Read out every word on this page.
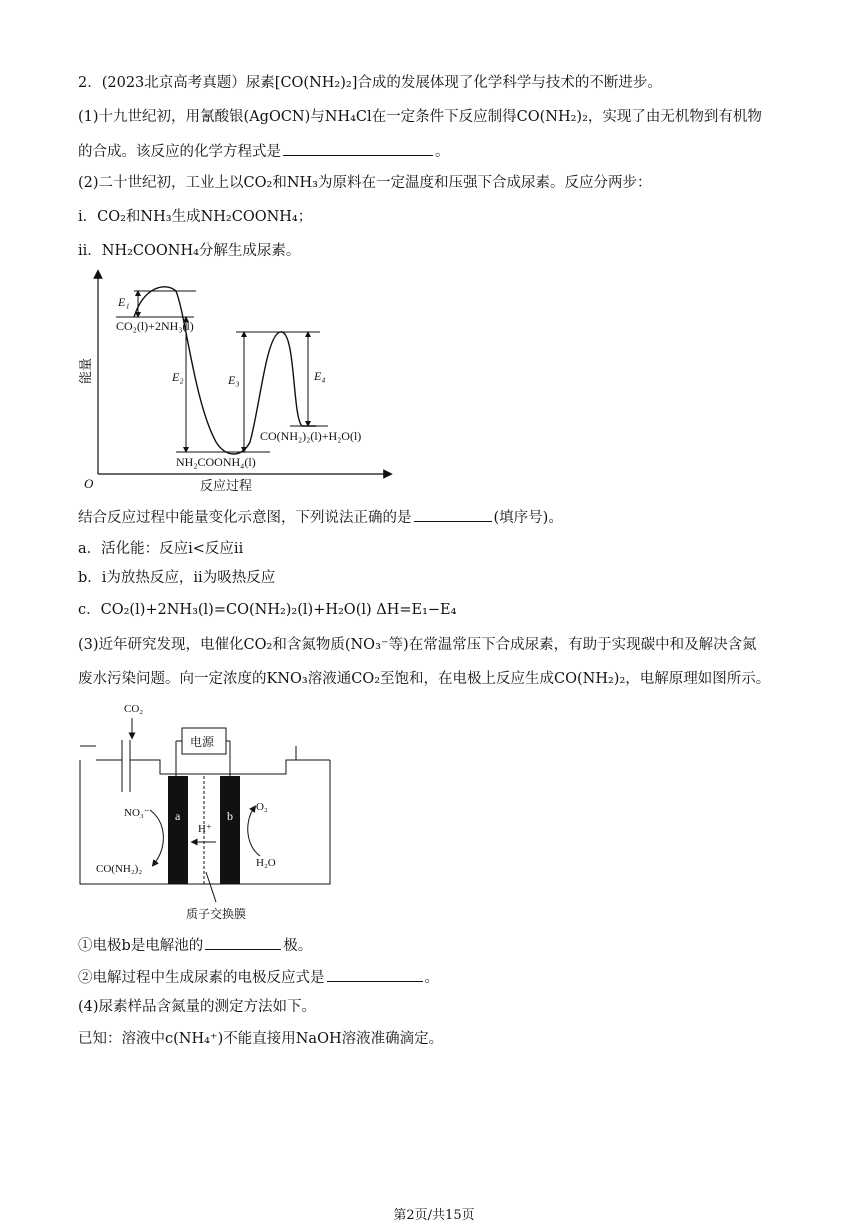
2．(2023北京高考真题）尿素[CO(NH₂)₂]合成的发展体现了化学科学与技术的不断进步。
(1)十九世纪初，用氰酸银(AgOCN)与NH₄Cl在一定条件下反应制得CO(NH₂)₂，实现了由无机物到有机物
的合成。该反应的化学方程式是	。
(2)二十世纪初，工业上以CO₂和NH₃为原料在一定温度和压强下合成尿素。反应分两步：
i．CO₂和NH₃生成NH₂COONH₄；
ii．NH₂COONH₄分解生成尿素。
O
能量
反应过程
E₁
E₂	E₃	E₄
CO₂(l)+2NH₃(l)
NH₂COONH₄(l)
CO(NH₂)₂(l)+H₂O(l)
结合反应过程中能量变化示意图，下列说法正确的是	(填序号)。
a．活化能：反应i<反应ii
b．i为放热反应，ii为吸热反应
c．CO₂(l)+2NH₃(l)=CO(NH₂)₂(l)+H₂O(l) ΔH=E₁−E₄
(3)近年研究发现，电催化CO₂和含氮物质(NO₃⁻等)在常温常压下合成尿素，有助于实现碳中和及解决含氮
废水污染问题。向一定浓度的KNO₃溶液通CO₂至饱和，在电极上反应生成CO(NH₂)₂，电解原理如图所示。
CO₂
电源
a	b
H⁺
NO₃⁻
CO(NH₂)₂
O₂
H₂O
质子交换膜
①电极b是电解池的	极。
②电解过程中生成尿素的电极反应式是	。
(4)尿素样品含氮量的测定方法如下。
已知：溶液中c(NH₄⁺)不能直接用NaOH溶液准确滴定。
第2页/共15页
